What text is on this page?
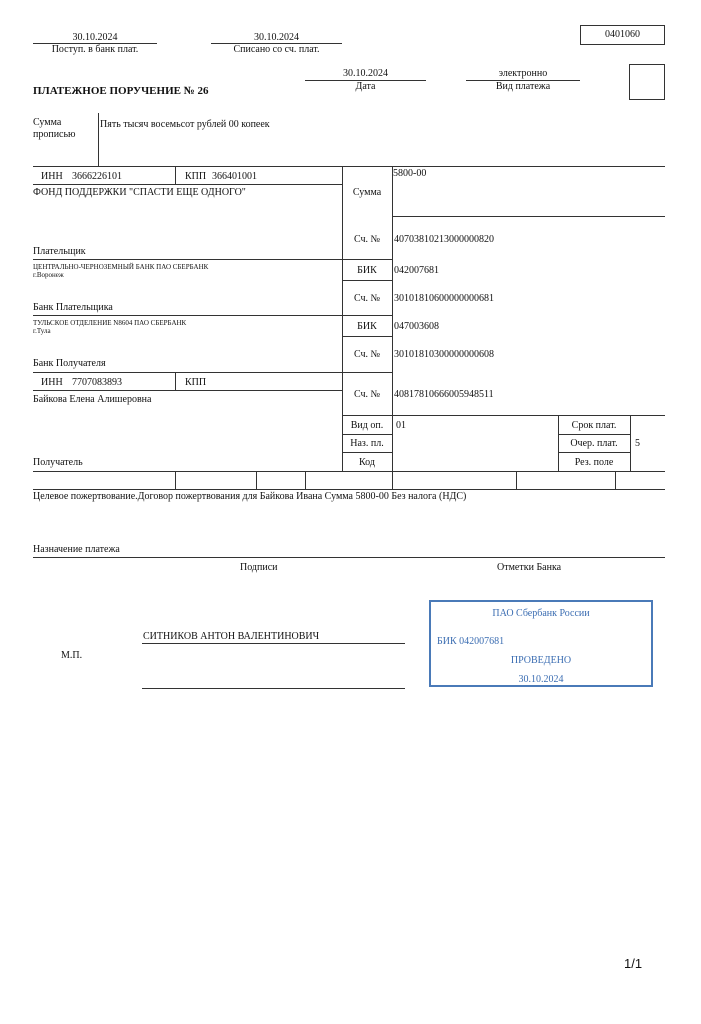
30.10.2024
Поступ. в банк плат.
30.10.2024
Списано со сч. плат.
0401060
30.10.2024
Дата
электронно
Вид платежа
ПЛАТЕЖНОЕ ПОРУЧЕНИЕ № 26
Сумма
прописью
Пять тысяч восемьсот рублей 00 копеек
ИНН 3666226101	КПП 366401001
ФОНД ПОДДЕРЖКИ "СПАСТИ ЕЩЕ ОДНОГО"
Плательщик
Сумма
5800-00
Сч. №	40703810213000000820
ЦЕНТРАЛЬНО-ЧЕРНОЗЕМНЫЙ БАНК ПАО СБЕРБАНК
г.Воронеж
Банк Плательщика
БИК	042007681
Сч. №	30101810600000000681
ТУЛЬСКОЕ ОТДЕЛЕНИЕ N8604 ПАО СБЕРБАНК
г.Тула
Банк Получателя
БИК	047003608
Сч. №	30101810300000000608
ИНН 7707083893	КПП
Байкова Елена Алишеровна	Сч. №	40817810666005948511
Получатель
Вид оп.	01
Наз. пл.
Код
Срок плат.
Очер. плат.	5
Рез. поле
Целевое пожертвование.Договор пожертвования для Байкова Ивана Сумма 5800-00 Без налога (НДС)
Назначение платежа
Подписи	Отметки Банка
СИТНИКОВ АНТОН ВАЛЕНТИНОВИЧ
М.П.
ПАО Сбербанк России
БИК 042007681
ПРОВЕДЕНО
30.10.2024
1/1
